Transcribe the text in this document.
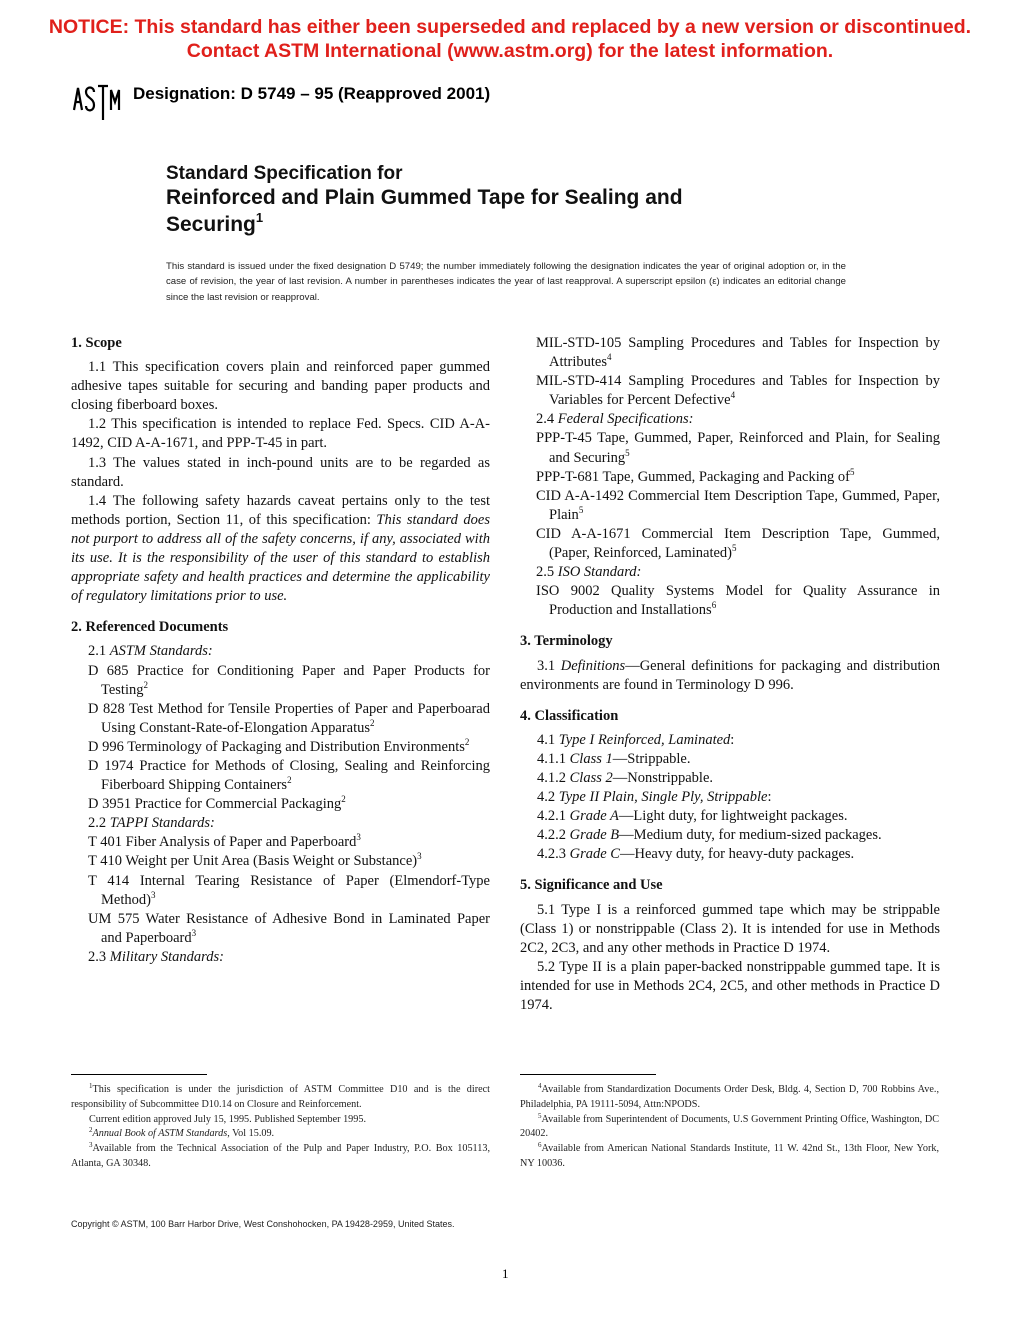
NOTICE: This standard has either been superseded and replaced by a new version or discontinued.
Contact ASTM International (www.astm.org) for the latest information.
Designation: D 5749 – 95 (Reapproved 2001)
Standard Specification for
Reinforced and Plain Gummed Tape for Sealing and
Securing$^1$
This standard is issued under the fixed designation D 5749; the number immediately following the designation indicates the year of original adoption or, in the case of revision, the year of last revision. A number in parentheses indicates the year of last reapproval. A superscript epsilon (ε) indicates an editorial change since the last revision or reapproval.
1. Scope

1.1 This specification covers plain and reinforced paper gummed adhesive tapes suitable for securing and banding paper products and closing fiberboard boxes.

1.2 This specification is intended to replace Fed. Specs. CID A-A-1492, CID A-A-1671, and PPP-T-45 in part.

1.3 The values stated in inch-pound units are to be regarded as standard.

1.4 The following safety hazards caveat pertains only to the test methods portion, Section 11, of this specification: This standard does not purport to address all of the safety concerns, if any, associated with its use. It is the responsibility of the user of this standard to establish appropriate safety and health practices and determine the applicability of regulatory limitations prior to use.

2. Referenced Documents

2.1 ASTM Standards:

D 685 Practice for Conditioning Paper and Paper Products for Testing$^2$

D 828 Test Method for Tensile Properties of Paper and Paperboarad Using Constant-Rate-of-Elongation Apparatus$^2$

D 996 Terminology of Packaging and Distribution Environments$^2$

D 1974 Practice for Methods of Closing, Sealing and Reinforcing Fiberboard Shipping Containers$^2$

D 3951 Practice for Commercial Packaging$^2$

2.2 TAPPI Standards:

T 401 Fiber Analysis of Paper and Paperboard$^3$

T 410 Weight per Unit Area (Basis Weight or Substance)$^3$

T 414 Internal Tearing Resistance of Paper (Elmendorf-Type Method)$^3$

UM 575 Water Resistance of Adhesive Bond in Laminated Paper and Paperboard$^3$

2.3 Military Standards:

MIL-STD-105 Sampling Procedures and Tables for Inspection by Attributes$^4$

MIL-STD-414 Sampling Procedures and Tables for Inspection by Variables for Percent Defective$^4$

2.4 Federal Specifications:

PPP-T-45 Tape, Gummed, Paper, Reinforced and Plain, for Sealing and Securing$^5$

PPP-T-681 Tape, Gummed, Packaging and Packing $of^5$

CID A-A-1492 Commercial Item Description Tape, Gummed, Paper, Plain$^5$

CID A-A-1671 Commercial Item Description Tape, Gummed, (Paper, Reinforced, Laminated)$^5$

2.5 ISO Standard:

ISO 9002 Quality Systems Model for Quality Assurance in Production and Installations$^6$

3. Terminology

3.1 Definitions—General definitions for packaging and distribution environments are found in Terminology D 996.

4. Classification

4.1 Type I Reinforced, Laminated:

4.1.1 Class 1—Strippable.

4.1.2 Class 2—Nonstrippable.

4.2 Type II Plain, Single Ply, Strippable:

4.2.1 Grade A—Light duty, for lightweight packages.

4.2.2 Grade B—Medium duty, for medium-sized packages.

4.2.3 Grade C—Heavy duty, for heavy-duty packages.

5. Significance and Use

5.1 Type I is a reinforced gummed tape which may be strippable (Class 1) or nonstrippable (Class 2). It is intended for use in Methods 2C2, 2C3, and any other methods in Practice D 1974.

5.2 Type II is a plain paper-backed nonstrippable gummed tape. It is intended for use in Methods 2C4, 2C5, and other methods in Practice D 1974.

$^1$This specification is under the jurisdiction of ASTM Committee D10 and is the direct responsibility of Subcommittee D10.14 on Closure and Reinforcement.

Current edition approved July 15, 1995. Published September 1995.

$^2$Annual Book of ASTM Standards, Vol 15.09.

$^3$Available from the Technical Association of the Pulp and Paper Industry, P.O. Box 105113, Atlanta, GA 30348.

$^4$Available from Standardization Documents Order Desk, Bldg. 4, Section D, 700 Robbins Ave., Philadelphia, PA 19111-5094, Attn:NPODS.

$^5$Available from Superintendent of Documents, U.S Government Printing Office, Washington, DC 20402.

$^6$Available from American National Standards Institute, 11 W. 42nd St., 13th Floor, New York, NY 10036.

Copyright © ASTM, 100 Barr Harbor Drive, West Conshohocken, PA 19428-2959, United States.
1
